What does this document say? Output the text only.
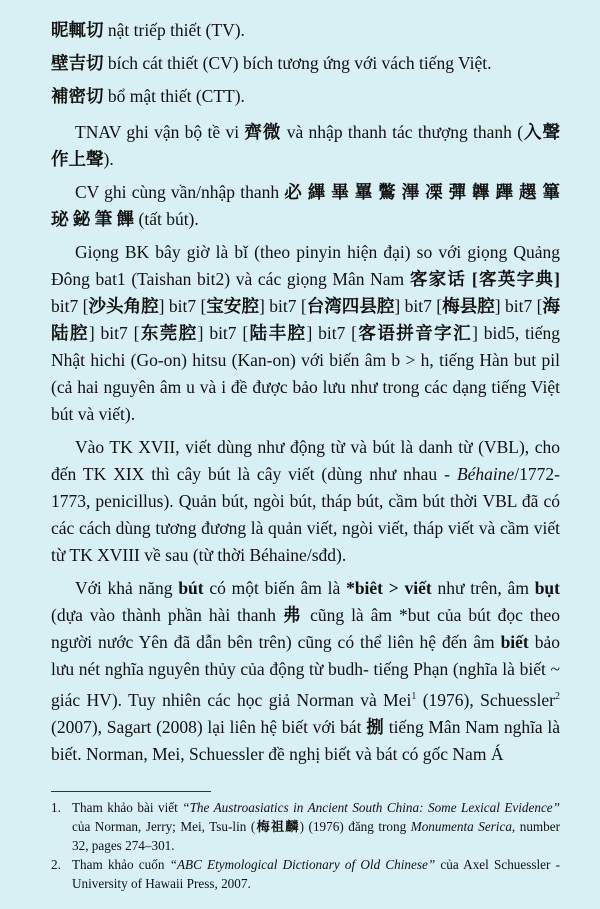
昵輒切 nật triếp thiết (TV).

壁吉切 bích cát thiết (CV) bích tương ứng với vách tiếng Việt.

補密切 bổ mật thiết (CTT).

TNAV ghi vận bộ tề vi 齊微 và nhập thanh tác thượng thanh (入聲作上聲).

CV ghi cùng vần/nhập thanh 必 縪 畢 罼 鷩 滭 凓 彈 韠 蹕 趩 篳 珌 鉍 筆 饆 (tất bút).

Giọng BK bây giờ là bǐ (theo pinyin hiện đại) so với giọng Quảng Đông bat1 (Taishan bit2) và các giọng Mân Nam 客家话 [客英字典] bit7 [沙头角腔] bit7 [宝安腔] bit7 [台湾四县腔] bit7 [梅县腔] bit7 [海陆腔] bit7 [东莞腔] bit7 [陆丰腔] bit7 [客语拼音字汇] bid5, tiếng Nhật hichi (Go-on) hitsu (Kan-on) với biến âm b > h, tiếng Hàn but pil (cả hai nguyên âm u và i đề được bảo lưu như trong các dạng tiếng Việt bút và viết).

Vào TK XVII, viết dùng như động từ và bút là danh từ (VBL), cho đến TK XIX thì cây bút là cây viết (dùng như nhau - Béhaine/1772-1773, penicillus). Quản bút, ngòi bút, tháp bút, cầm bút thời VBL đã có các cách dùng tương đương là quản viết, ngòi viết, tháp viết và cầm viết từ TK XVIII về sau (từ thời Béhaine/sđd).

Với khả năng bút có một biến âm là *biêt > viết như trên, âm bụt (dựa vào thành phần hài thanh 弗 cũng là âm *but của bút đọc theo người nước Yên đã dẫn bên trên) cũng có thể liên hệ đến âm biết bảo lưu nét nghĩa nguyên thủy của động từ budh- tiếng Phạn (nghĩa là biết ~ giác HV). Tuy nhiên các học giả Norman và Mei$^1$ (1976), Schuessler$^2$ (2007), Sagart (2008) lại liên hệ biết với bát 捌 tiếng Mân Nam nghĩa là biết. Norman, Mei, Schuessler đề nghị biết và bát có gốc Nam Á

1. Tham khảo bài viết “The Austroasiatics in Ancient South China: Some Lexical Evidence” của Norman, Jerry; Mei, Tsu-lin (梅祖麟) (1976) đăng trong Monumenta Serica, number 32, pages 274–301.
2. Tham khảo cuốn “ABC Etymological Dictionary of Old Chinese” của Axel Schuessler - University of Hawaii Press, 2007.
